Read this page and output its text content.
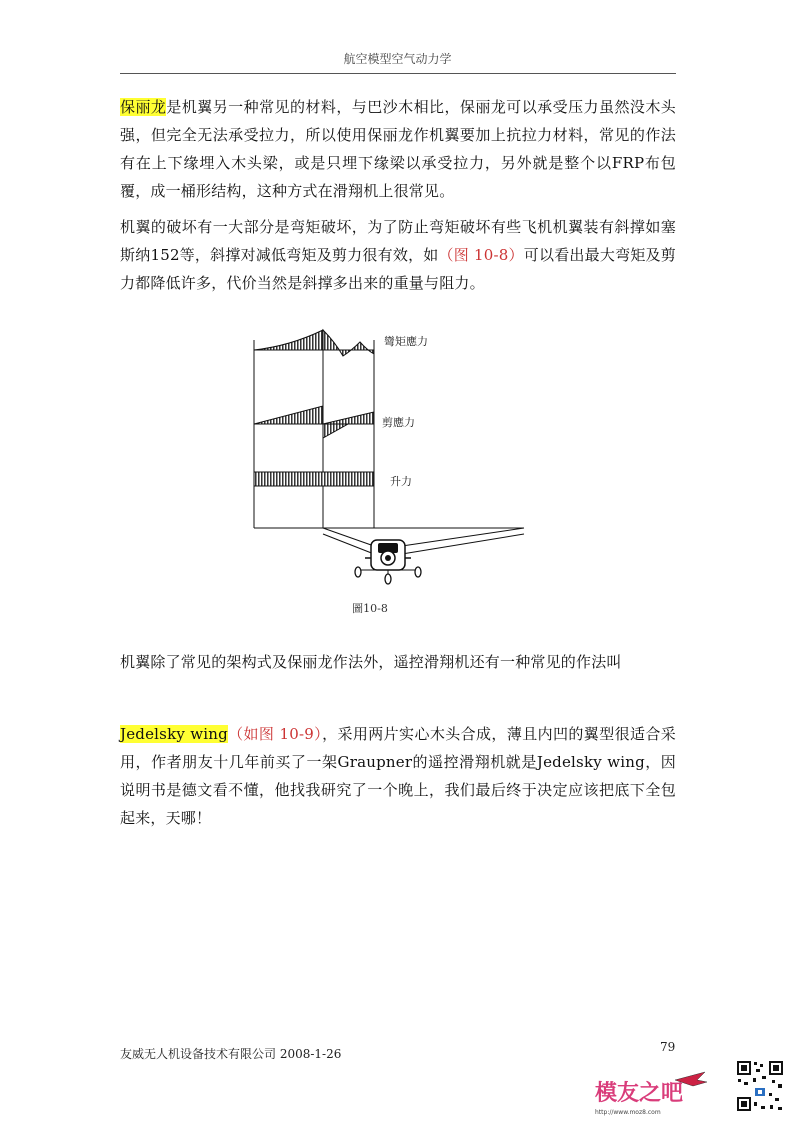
航空模型空气动力学

保丽龙是机翼另一种常见的材料，与巴沙木相比，保丽龙可以承受压力虽然没木头强，但完全无法承受拉力，所以使用保丽龙作机翼要加上抗拉力材料，常见的作法有在上下缘埋入木头梁，或是只埋下缘梁以承受拉力，另外就是整个以FRP布包覆，成一桶形结构，这种方式在滑翔机上很常见。

机翼的破坏有一大部分是弯矩破坏，为了防止弯矩破坏有些飞机机翼装有斜撑如塞斯纳152等，斜撑对减低弯矩及剪力很有效，如（图 10-8）可以看出最大弯矩及剪力都降低许多，代价当然是斜撑多出来的重量与阻力。

彎矩應力
剪應力
升力
圖10-8

机翼除了常见的架构式及保丽龙作法外，遥控滑翔机还有一种常见的作法叫

Jedelsky wing（如图 10-9），采用两片实心木头合成，薄且内凹的翼型很适合采用，作者朋友十几年前买了一架Graupner的遥控滑翔机就是Jedelsky wing，因说明书是德文看不懂，他找我研究了一个晚上，我们最后终于决定应该把底下全包起来，天哪！

友威无人机设备技术有限公司 2008-1-26	79
模友之吧
http://www.moz8.com
